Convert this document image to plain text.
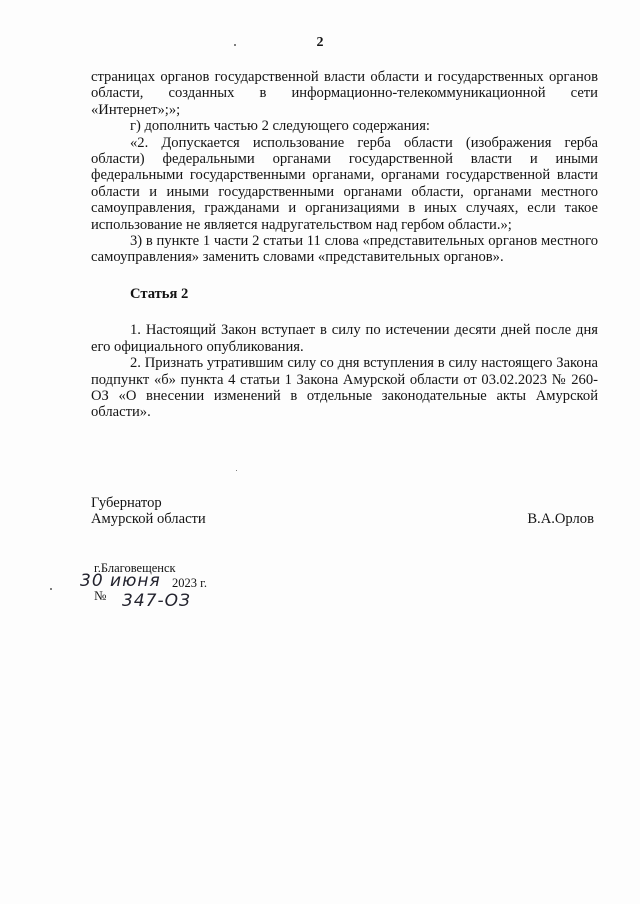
2

страницах органов государственной власти области и государственных органов области, созданных в информационно-телекоммуникационной сети «Интернет»;»;

г) дополнить частью 2 следующего содержания:

«2. Допускается использование герба области (изображения герба области) федеральными органами государственной власти и иными федеральными государственными органами, органами государственной власти области и иными государственными органами области, органами местного самоуправления, гражданами и организациями в иных случаях, если такое использование не является надругательством над гербом области.»;

3) в пункте 1 части 2 статьи 11 слова «представительных органов местного самоуправления» заменить словами «представительных органов».

Статья 2

1. Настоящий Закон вступает в силу по истечении десяти дней после дня его официального опубликования.

2. Признать утратившим силу со дня вступления в силу настоящего Закона подпункт «б» пункта 4 статьи 1 Закона Амурской области от 03.02.2023 № 260-ОЗ «О внесении изменений в отдельные законодательные акты Амурской области».

Губернатор

Амурской области	В.А.Орлов

г.Благовещенск

30 июня 2023 г.
№ 347-ОЗ
